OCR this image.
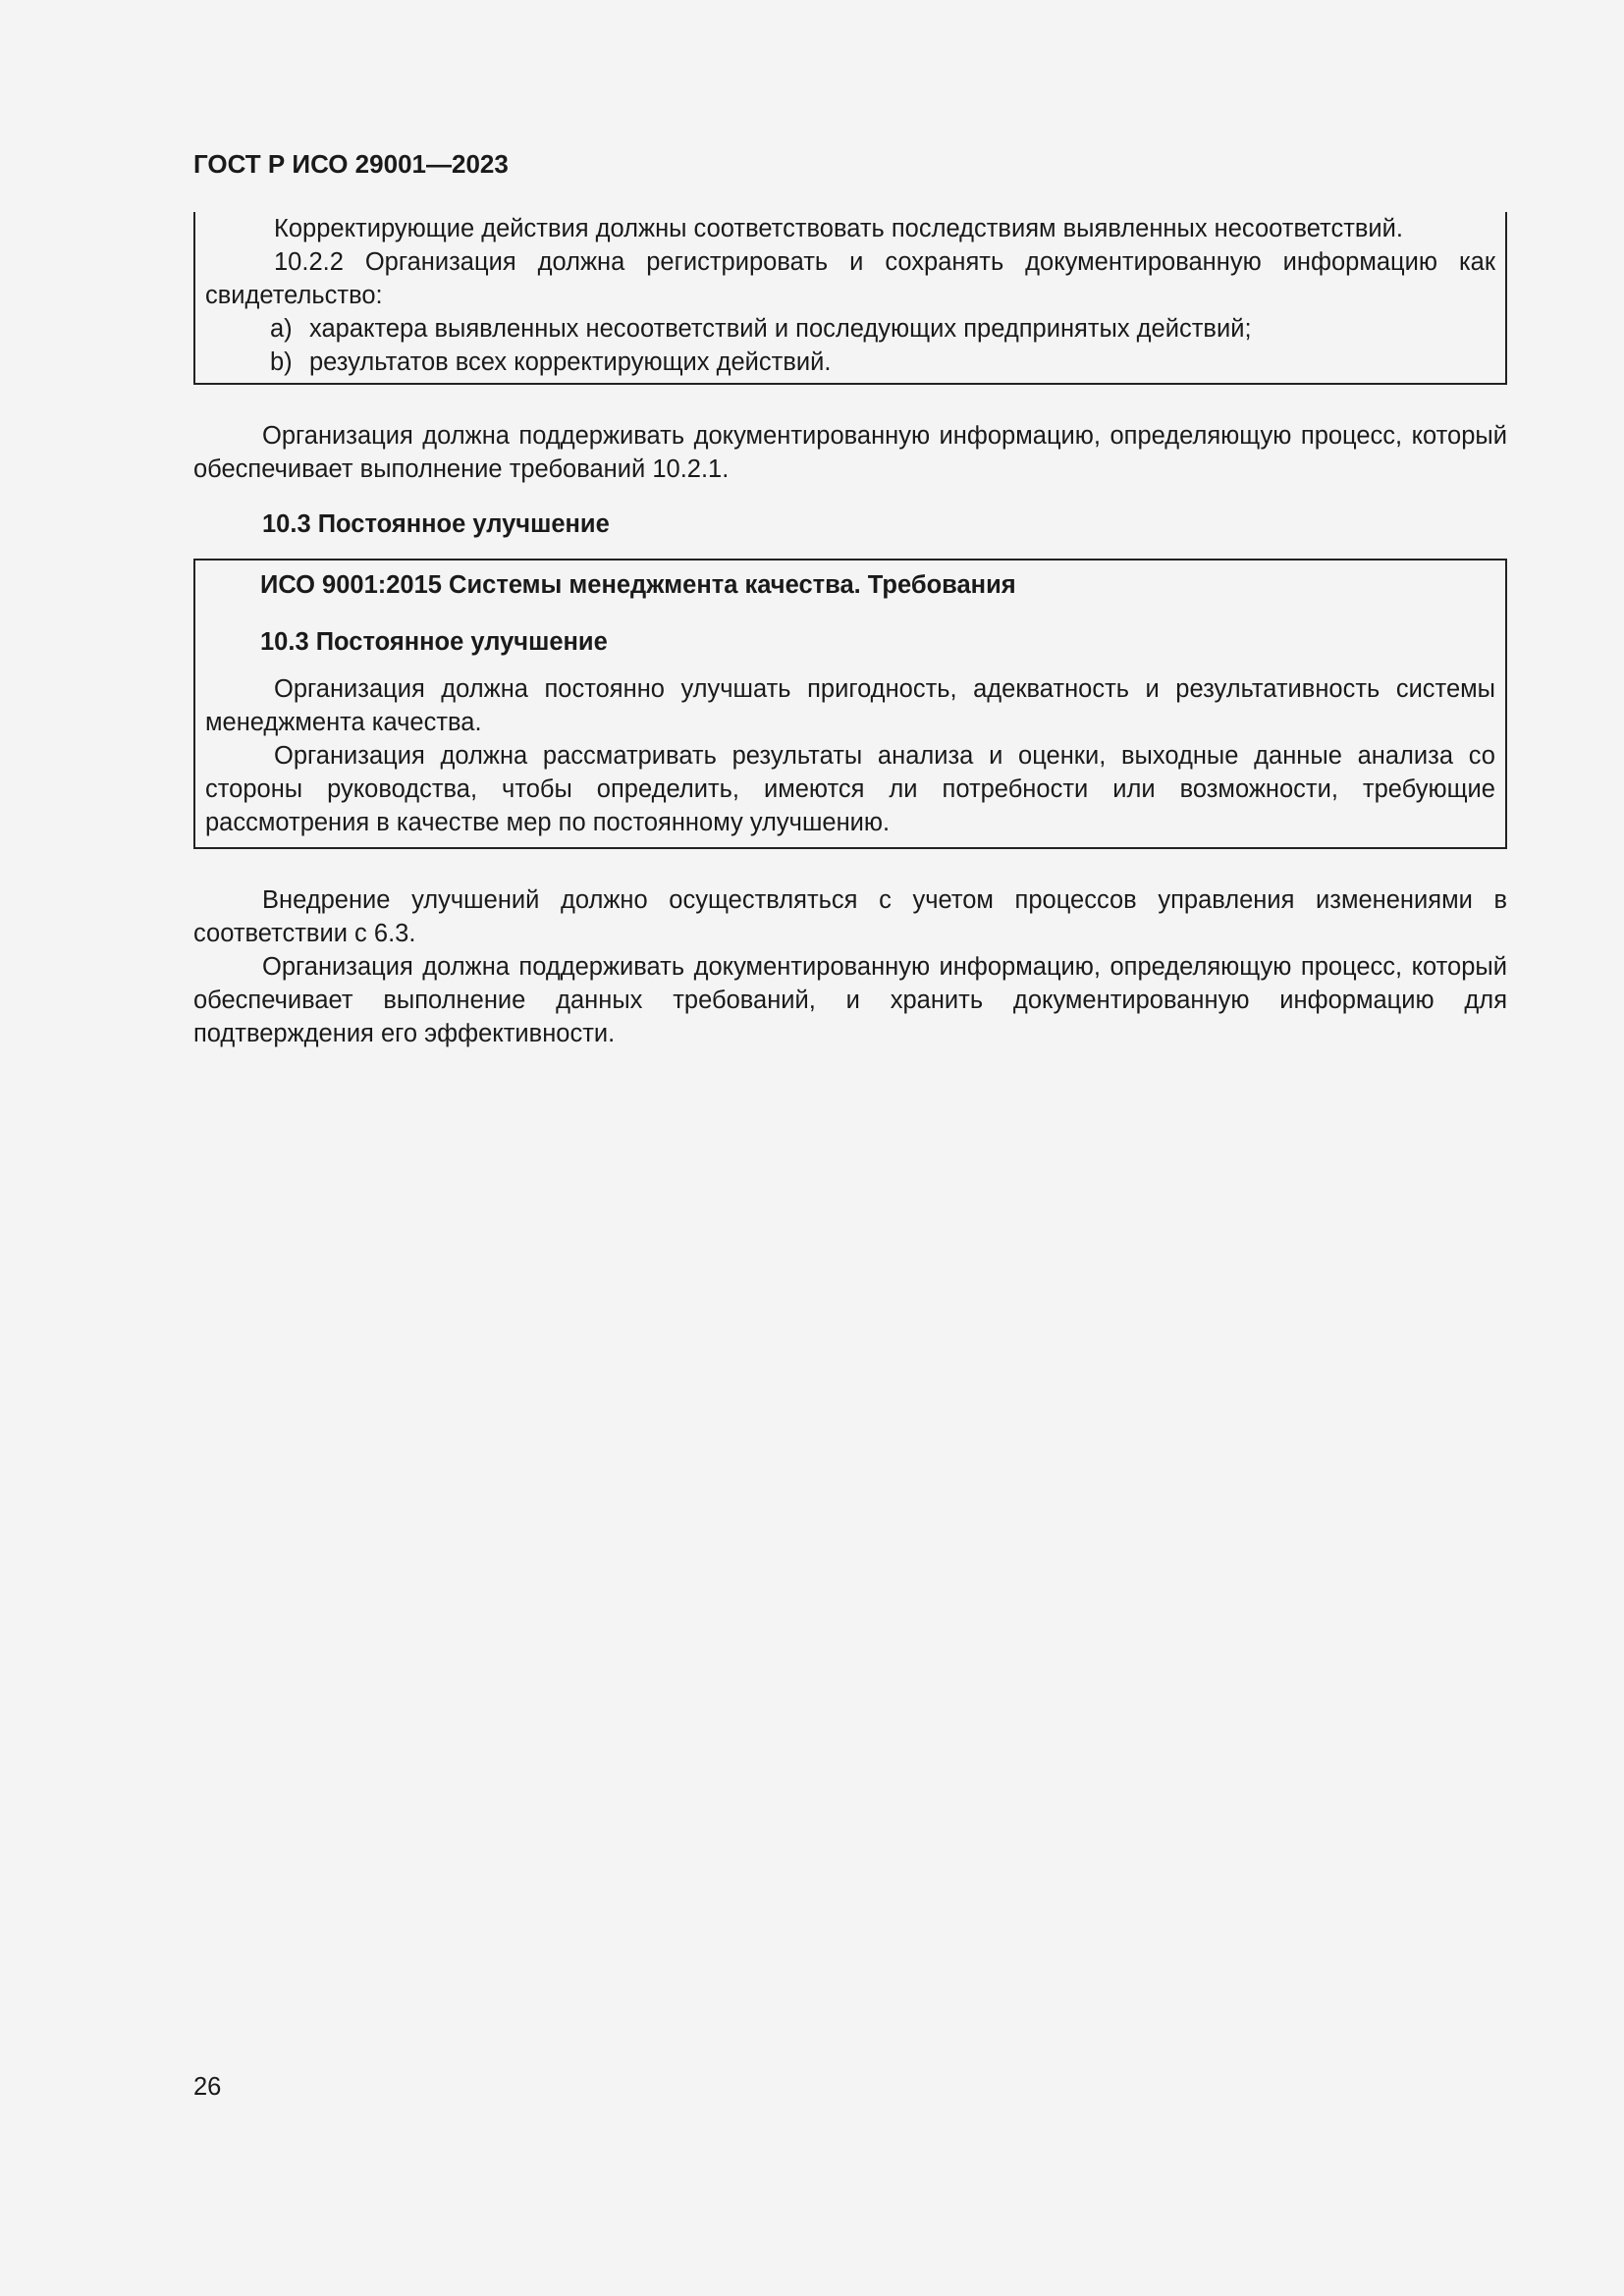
ГОСТ Р ИСО 29001—2023

Корректирующие действия должны соответствовать последствиям выявленных несоответствий.

10.2.2 Организация должна регистрировать и сохранять документированную информацию как свидетельство:

a) характера выявленных несоответствий и последующих предпринятых действий;

b) результатов всех корректирующих действий.

Организация должна поддерживать документированную информацию, определяющую процесс, который обеспечивает выполнение требований 10.2.1.

10.3 Постоянное улучшение
ИСО 9001:2015 Системы менеджмента качества. Требования
10.3 Постоянное улучшение

Организация должна постоянно улучшать пригодность, адекватность и результативность системы менеджмента качества.

Организация должна рассматривать результаты анализа и оценки, выходные данные анализа со стороны руководства, чтобы определить, имеются ли потребности или возможности, требующие рассмотрения в качестве мер по постоянному улучшению.

Внедрение улучшений должно осуществляться с учетом процессов управления изменениями в соответствии с 6.3.

Организация должна поддерживать документированную информацию, определяющую процесс, который обеспечивает выполнение данных требований, и хранить документированную информацию для подтверждения его эффективности.

26
